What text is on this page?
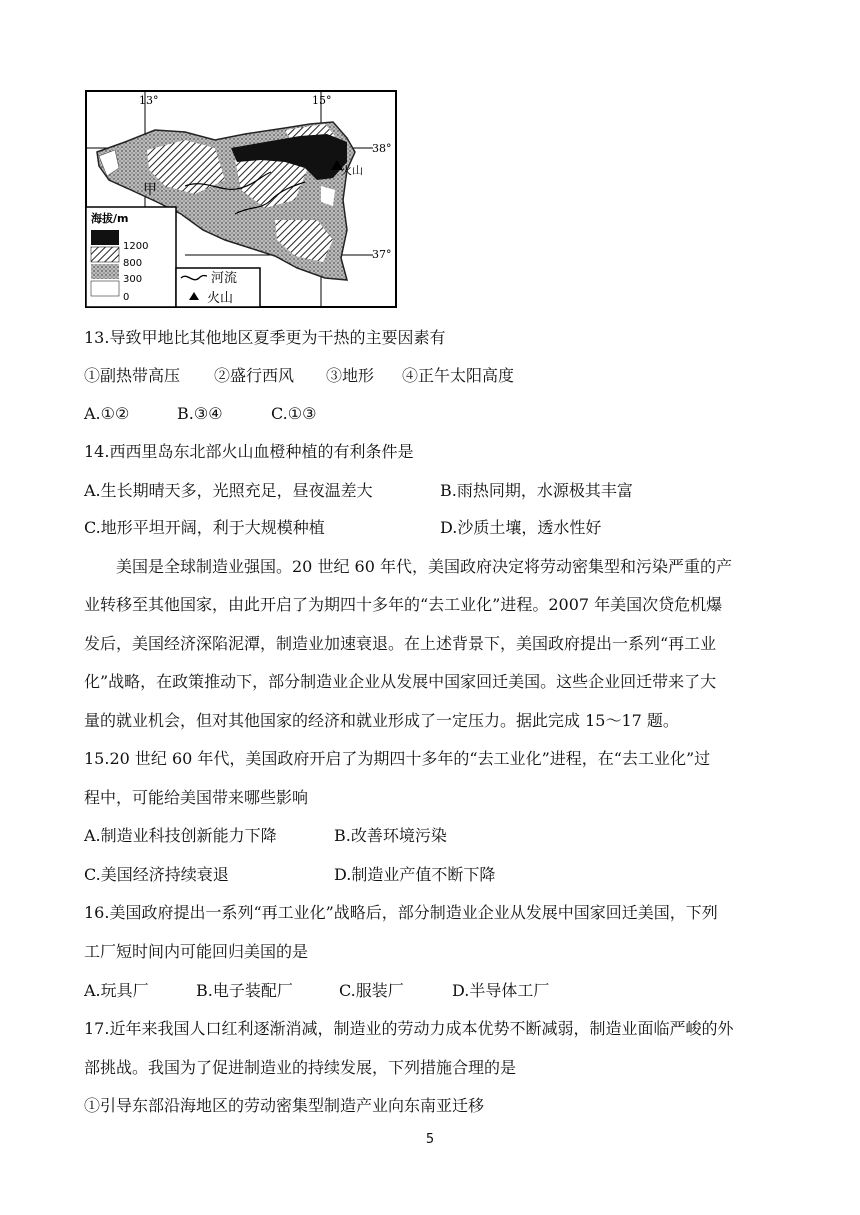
13°	15°
38°
37°
甲
火山
海拔/m
1200
800
300
0
河流
火山
13.导致甲地比其他地区夏季更为干热的主要因素有
①副热带高压 ②盛行西风 ③地形 ④正午太阳高度
A.①②	B.③④	C.①③
14.西西里岛东北部火山血橙种植的有利条件是
A.生长期晴天多，光照充足，昼夜温差大	B.雨热同期，水源极其丰富
C.地形平坦开阔，利于大规模种植	D.沙质土壤，透水性好
　　美国是全球制造业强国。20 世纪 60 年代，美国政府决定将劳动密集型和污染严重的产
业转移至其他国家，由此开启了为期四十多年的“去工业化”进程。2007 年美国次贷危机爆
发后，美国经济深陷泥潭，制造业加速衰退。在上述背景下，美国政府提出一系列“再工业
化”战略，在政策推动下，部分制造业企业从发展中国家回迁美国。这些企业回迁带来了大
量的就业机会，但对其他国家的经济和就业形成了一定压力。据此完成 15～17 题。
15.20 世纪 60 年代，美国政府开启了为期四十多年的“去工业化”进程，在“去工业化”过
程中，可能给美国带来哪些影响
A.制造业科技创新能力下降	B.改善环境污染
C.美国经济持续衰退	D.制造业产值不断下降
16.美国政府提出一系列“再工业化”战略后，部分制造业企业从发展中国家回迁美国，下列
工厂短时间内可能回归美国的是
A.玩具厂	B.电子装配厂	C.服装厂	D.半导体工厂
17.近年来我国人口红利逐渐消减，制造业的劳动力成本优势不断减弱，制造业面临严峻的外
部挑战。我国为了促进制造业的持续发展，下列措施合理的是
①引导东部沿海地区的劳动密集型制造产业向东南亚迁移
5
